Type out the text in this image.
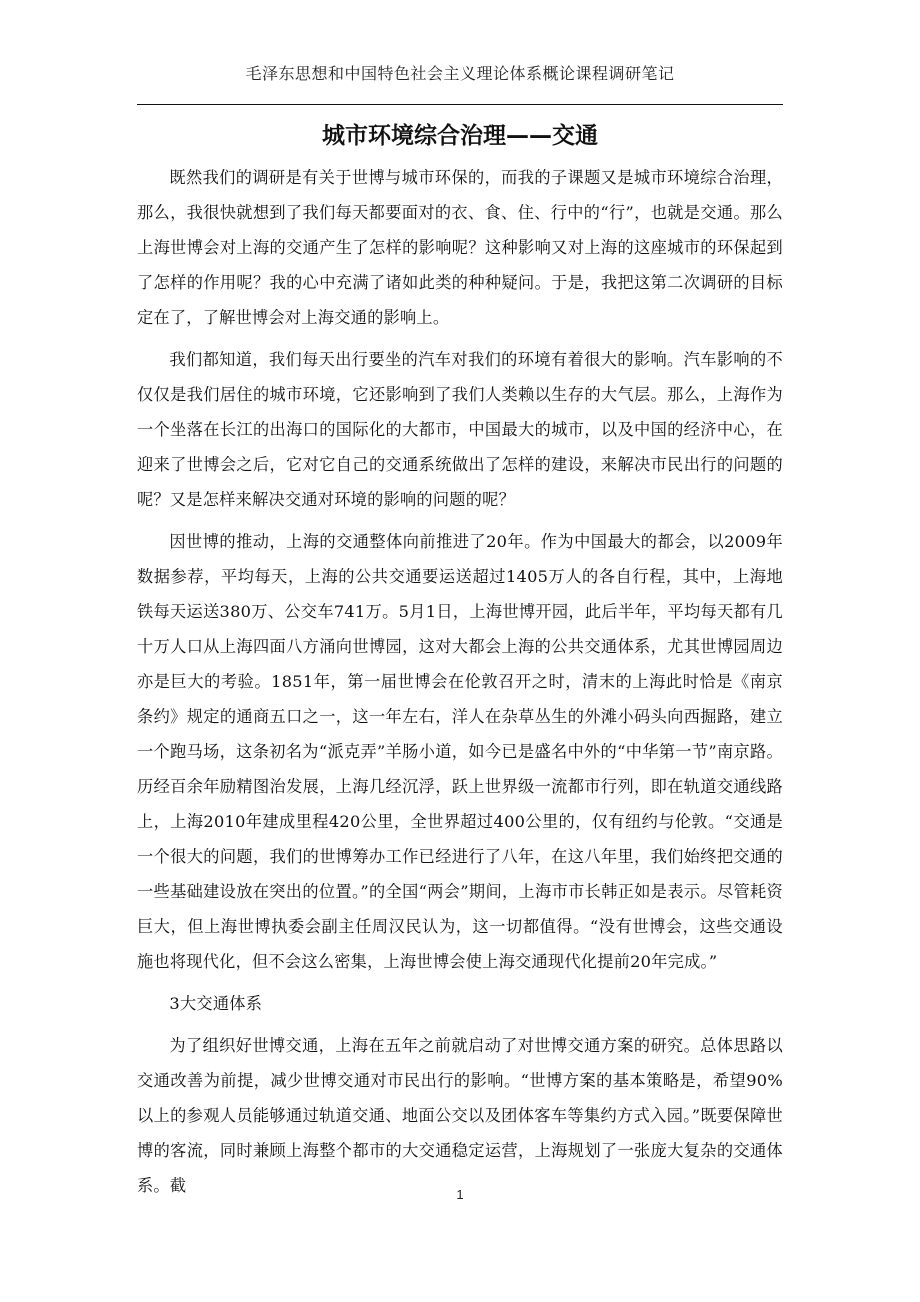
毛泽东思想和中国特色社会主义理论体系概论课程调研笔记
城市环境综合治理——交通

既然我们的调研是有关于世博与城市环保的，而我的子课题又是城市环境综合治理，那么，我很快就想到了我们每天都要面对的衣、食、住、行中的“行”，也就是交通。那么上海世博会对上海的交通产生了怎样的影响呢？这种影响又对上海的这座城市的环保起到了怎样的作用呢？我的心中充满了诸如此类的种种疑问。于是，我把这第二次调研的目标定在了，了解世博会对上海交通的影响上。

我们都知道，我们每天出行要坐的汽车对我们的环境有着很大的影响。汽车影响的不仅仅是我们居住的城市环境，它还影响到了我们人类赖以生存的大气层。那么，上海作为一个坐落在长江的出海口的国际化的大都市，中国最大的城市，以及中国的经济中心，在迎来了世博会之后，它对它自己的交通系统做出了怎样的建设，来解决市民出行的问题的呢？又是怎样来解决交通对环境的影响的问题的呢？

因世博的推动，上海的交通整体向前推进了20年。作为中国最大的都会，以2009年数据参荐，平均每天，上海的公共交通要运送超过1405万人的各自行程，其中，上海地铁每天运送380万、公交车741万。5月1日，上海世博开园，此后半年，平均每天都有几十万人口从上海四面八方涌向世博园，这对大都会上海的公共交通体系，尤其世博园周边亦是巨大的考验。1851年，第一届世博会在伦敦召开之时，清末的上海此时恰是《南京条约》规定的通商五口之一，这一年左右，洋人在杂草丛生的外滩小码头向西掘路，建立一个跑马场，这条初名为“派克弄”羊肠小道，如今已是盛名中外的“中华第一节”南京路。历经百余年励精图治发展，上海几经沉浮，跃上世界级一流都市行列，即在轨道交通线路上，上海2010年建成里程420公里，全世界超过400公里的，仅有纽约与伦敦。“交通是一个很大的问题，我们的世博筹办工作已经进行了八年，在这八年里，我们始终把交通的一些基础建设放在突出的位置。”的全国“两会”期间，上海市市长韩正如是表示。尽管耗资巨大，但上海世博执委会副主任周汉民认为，这一切都值得。“没有世博会，这些交通设施也将现代化，但不会这么密集，上海世博会使上海交通现代化提前20年完成。”

3大交通体系

为了组织好世博交通，上海在五年之前就启动了对世博交通方案的研究。总体思路以交通改善为前提，减少世博交通对市民出行的影响。“世博方案的基本策略是，希望90%以上的参观人员能够通过轨道交通、地面公交以及团体客车等集约方式入园。”既要保障世博的客流，同时兼顾上海整个都市的大交通稳定运营，上海规划了一张庞大复杂的交通体系。截	1
